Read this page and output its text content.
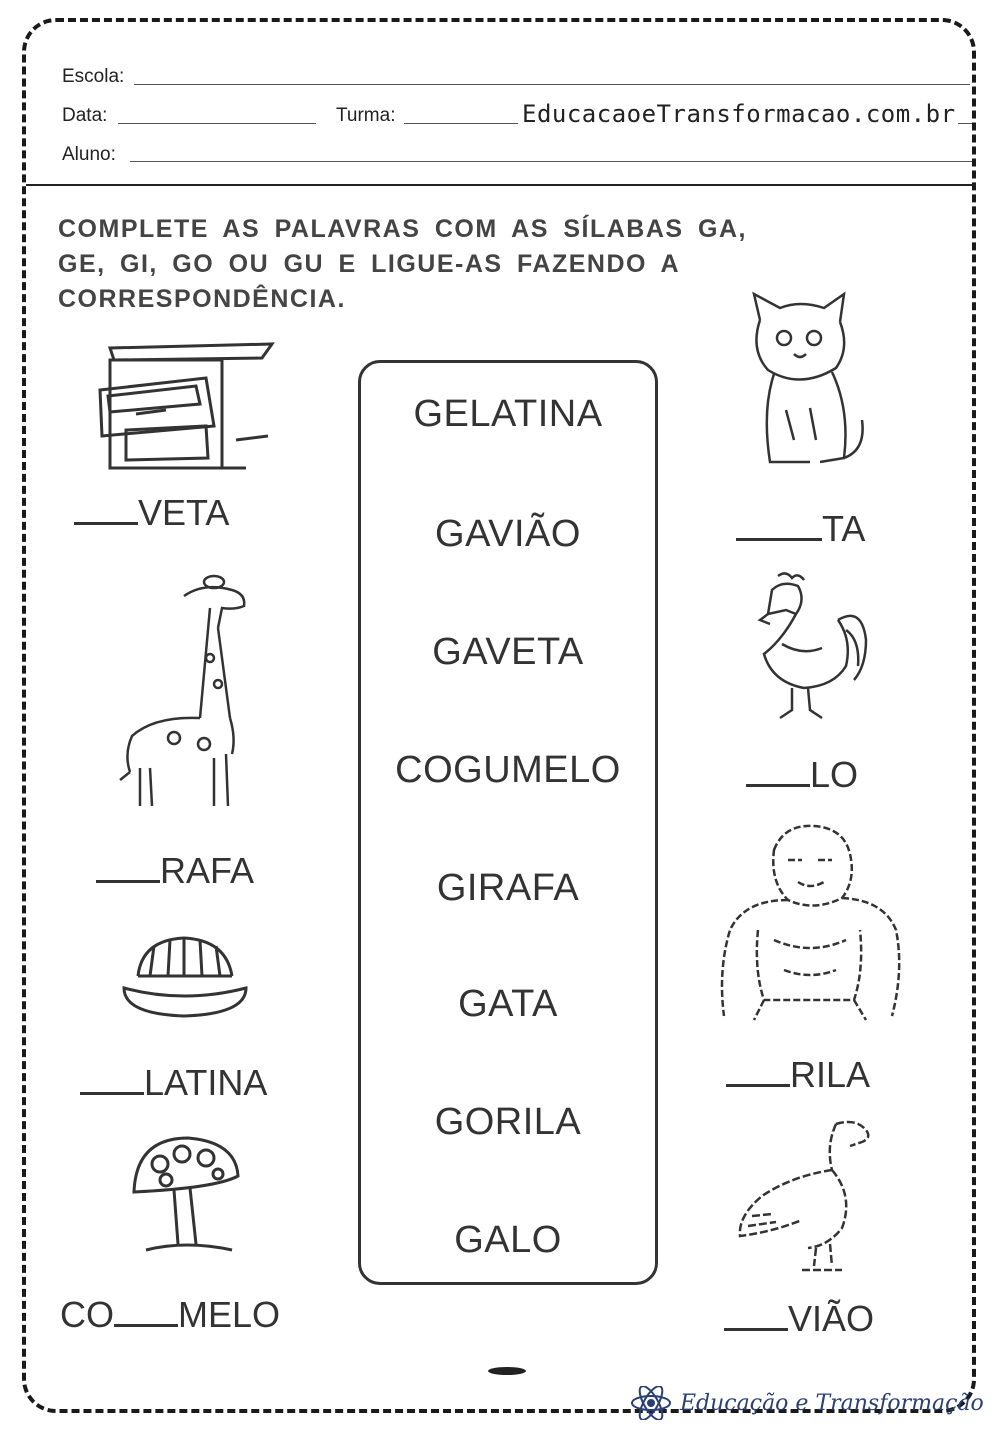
Escola:
Data:	Turma:	EducacaoeTransformacao.com.br
Aluno:
COMPLETE AS PALAVRAS COM AS SÍLABAS GA, GE, GI, GO OU GU E LIGUE-AS FAZENDO A CORRESPONDÊNCIA.
GELATINA
GAVIÃO
GAVETA
COGUMELO
GIRAFA
GATA
GORILA
GALO
VETA
RAFA
LATINA
CO MELO
TA
LO
RILA
VIÃO
Educação e Transformação
